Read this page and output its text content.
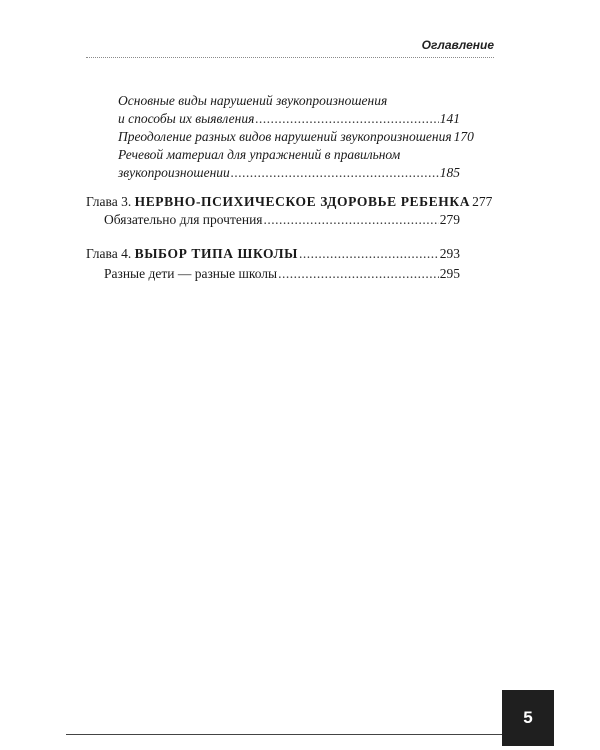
Оглавление
Основные виды нарушений звукопроизношения
и способы их выявления .....	141
Преодоление разных видов нарушений звукопроизношения 170
Речевой материал для упражнений в правильном
звукопроизношении .....	185
Глава 3. НЕРВНО-ПСИХИЧЕСКОЕ ЗДОРОВЬЕ РЕБЕНКА 277
Обязательно для прочтения .....	279
Глава 4. ВЫБОР ТИПА ШКОЛЫ .....	293
Разные дети — разные школы .....	295
5
